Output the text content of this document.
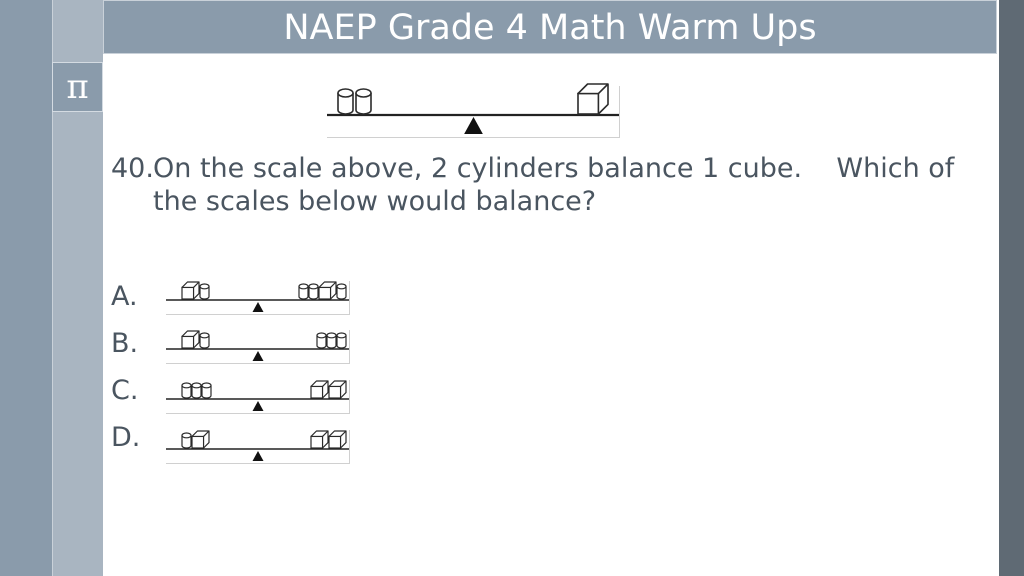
NAEP Grade 4 Math Warm Ups
π
40.On the scale above, 2 cylinders balance 1 cube.    Which of
the scales below would balance?
A.
B.
C.
D.
